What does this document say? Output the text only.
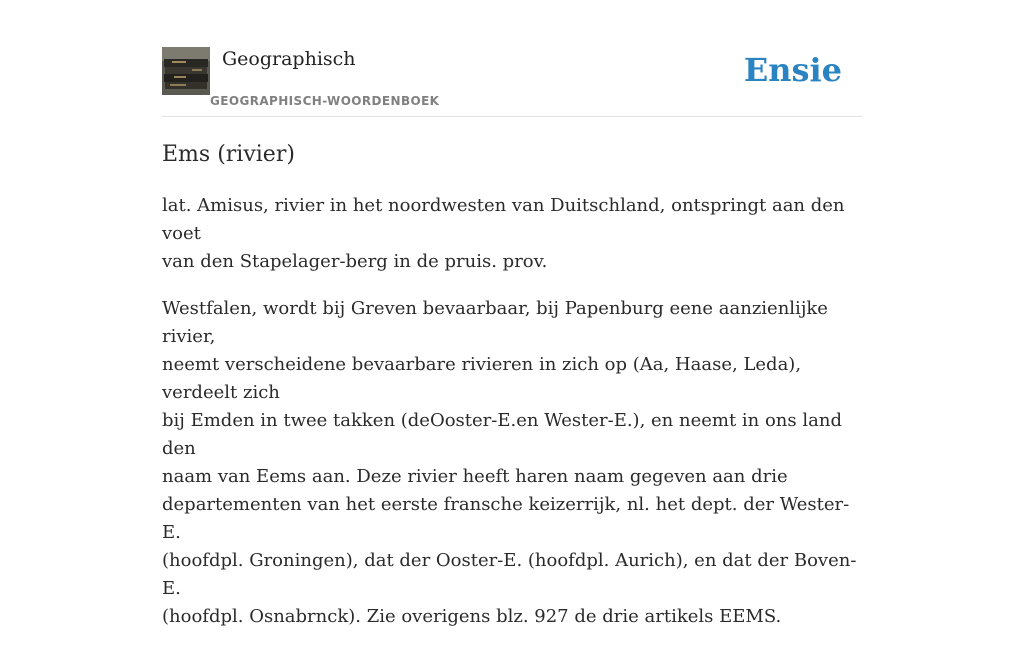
Geographisch
GEOGRAPHISCH-WOORDENBOEK
Ensie
Ems (rivier)

lat. Amisus, rivier in het noordwesten van Duitschland, ontspringt aan den voet
van den Stapelager-berg in de pruis. prov.

Westfalen, wordt bij Greven bevaarbaar, bij Papenburg eene aanzienlijke rivier,
neemt verscheidene bevaarbare rivieren in zich op (Aa, Haase, Leda), verdeelt zich
bij Emden in twee takken (deOoster-E.en Wester-E.), en neemt in ons land den
naam van Eems aan. Deze rivier heeft haren naam gegeven aan drie
departementen van het eerste fransche keizerrijk, nl. het dept. der Wester-E.
(hoofdpl. Groningen), dat der Ooster-E. (hoofdpl. Aurich), en dat der Boven-E.
(hoofdpl. Osnabrnck). Zie overigens blz. 927 de drie artikels EEMS.
